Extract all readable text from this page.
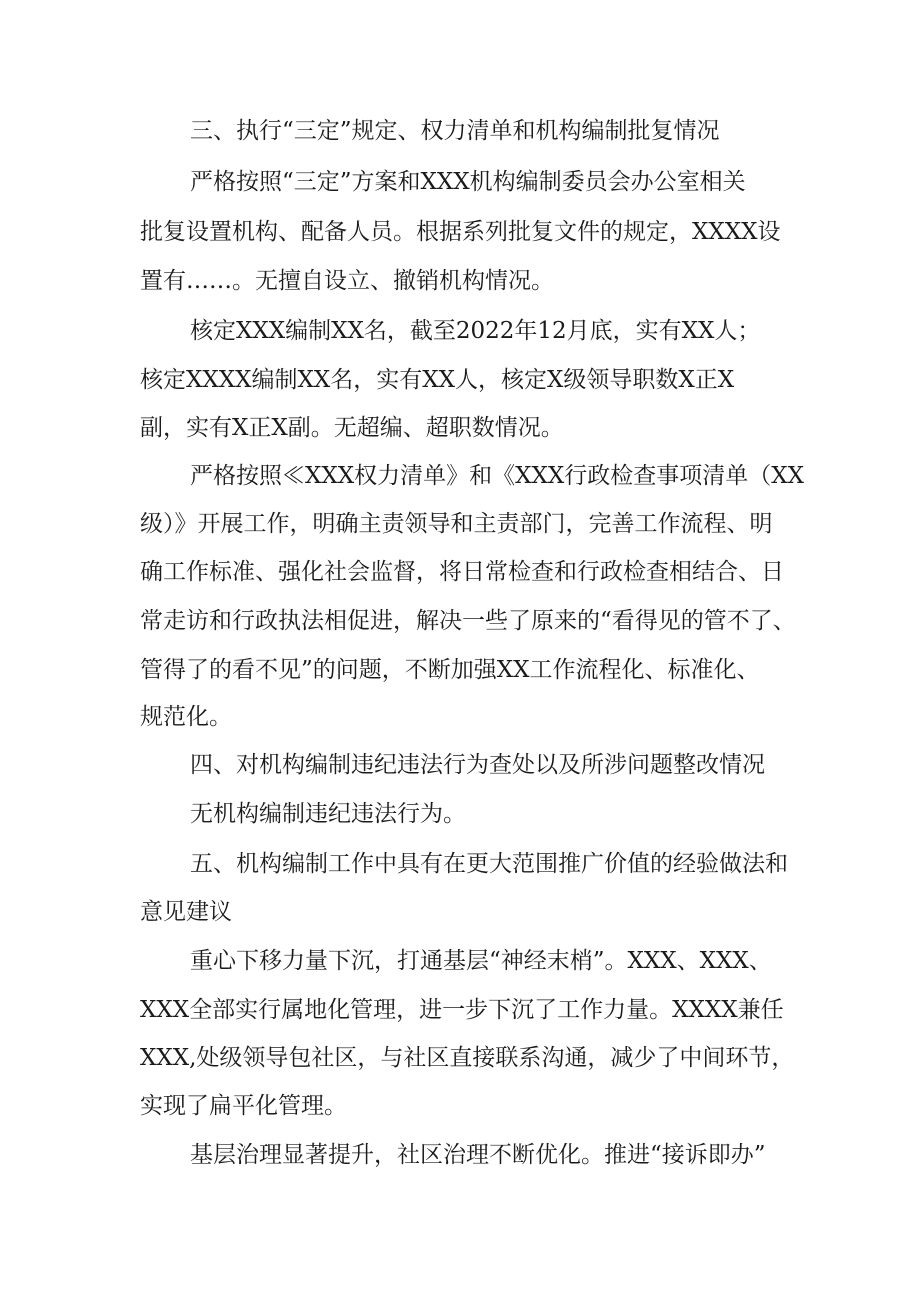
三、执行“三定”规定、权力清单和机构编制批复情况
严格按照“三定”方案和XXX机构编制委员会办公室相关
批复设置机构、配备人员。根据系列批复文件的规定，XXXX设
置有……。无擅自设立、撤销机构情况。
核定XXX编制XX名，截至2022年12月底，实有XX人；
核定XXXX编制XX名，实有XX人，核定X级领导职数X正X
副，实有X正X副。无超编、超职数情况。
严格按照≪XXX权力清单》和《XXX行政检查事项清单（XX
级）》开展工作，明确主责领导和主责部门，完善工作流程、明
确工作标准、强化社会监督，将日常检查和行政检查相结合、日
常走访和行政执法相促进，解决一些了原来的“看得见的管不了、
管得了的看不见”的问题，不断加强XX工作流程化、标准化、
规范化。
四、对机构编制违纪违法行为查处以及所涉问题整改情况
无机构编制违纪违法行为。
五、机构编制工作中具有在更大范围推广价值的经验做法和
意见建议
重心下移力量下沉，打通基层“神经末梢”。XXX、XXX、
XXX全部实行属地化管理，进一步下沉了工作力量。XXXX兼任
XXX,处级领导包社区，与社区直接联系沟通，减少了中间环节，
实现了扁平化管理。
基层治理显著提升，社区治理不断优化。推进“接诉即办”
